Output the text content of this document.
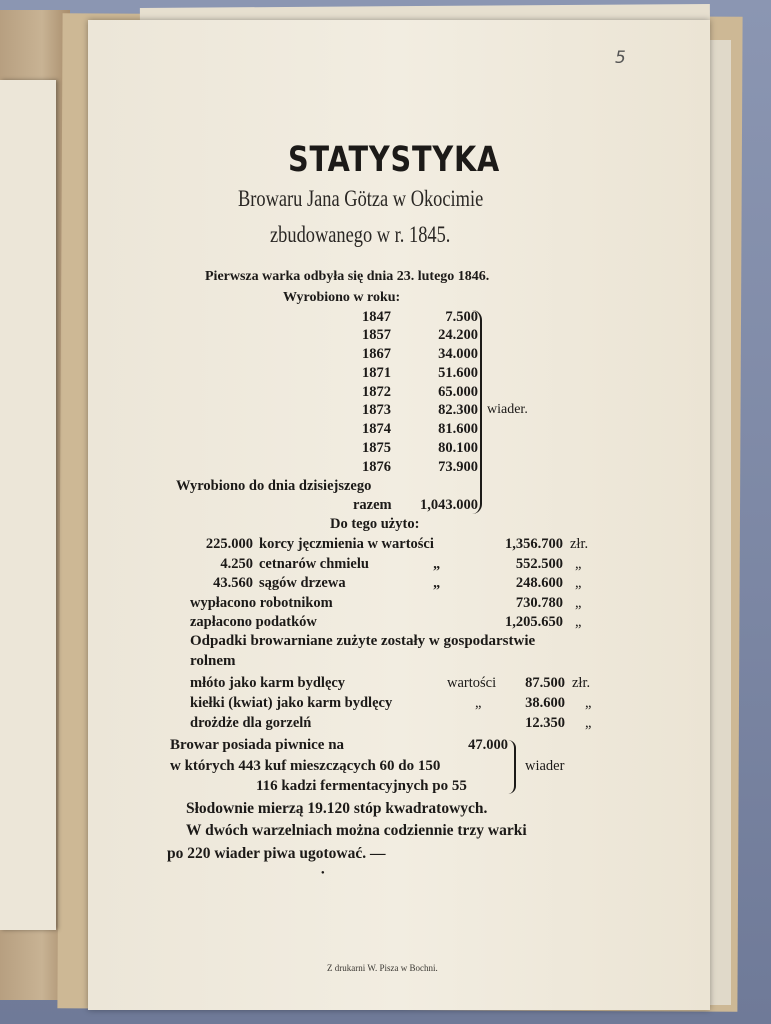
5
STATYSTYKA

Browaru Jana Götza w Okocimie

zbudowanego w r. 1845.

Pierwsza warka odbyła się dnia 23. lutego 1846.

Wyrobiono w roku:

1847	7.500
1857	24.200
1867	34.000
1871	51.600
1872	65.000
1873	82.300
1874	81.600
1875	80.100
1876	73.900
wiader.

Wyrobiono do dnia dzisiejszego

razem	1,043.000

Do tego użyto:

225.000 korcy jęczmienia w wartości	1,356.700 złr.
4.250 cetnarów chmielu	„	552.500 „
43.560 sągów drzewa	„	248.600 „
wypłacono robotnikom	730.780 „
zapłacono podatków	1,205.650 „

Odpadki browarniane zużyte zostały w gospodarstwie

rolnem

młóto jako karm bydlęcy	wartości	87.500 złr.
kiełki (kwiat) jako karm bydlęcy	„	38.600 „
drożdże dla gorzelń	12.350 „

Browar posiada piwnice na	47.000

w których 443 kuf mieszczących 60 do 150	wiader

116 kadzi fermentacyjnych po 55

Słodownie mierzą 19.120 stóp kwadratowych.

W dwóch warzelniach można codziennie trzy warki

po 220 wiader piwa ugotować. —

●

Z drukarni W. Pisza w Bochni.
